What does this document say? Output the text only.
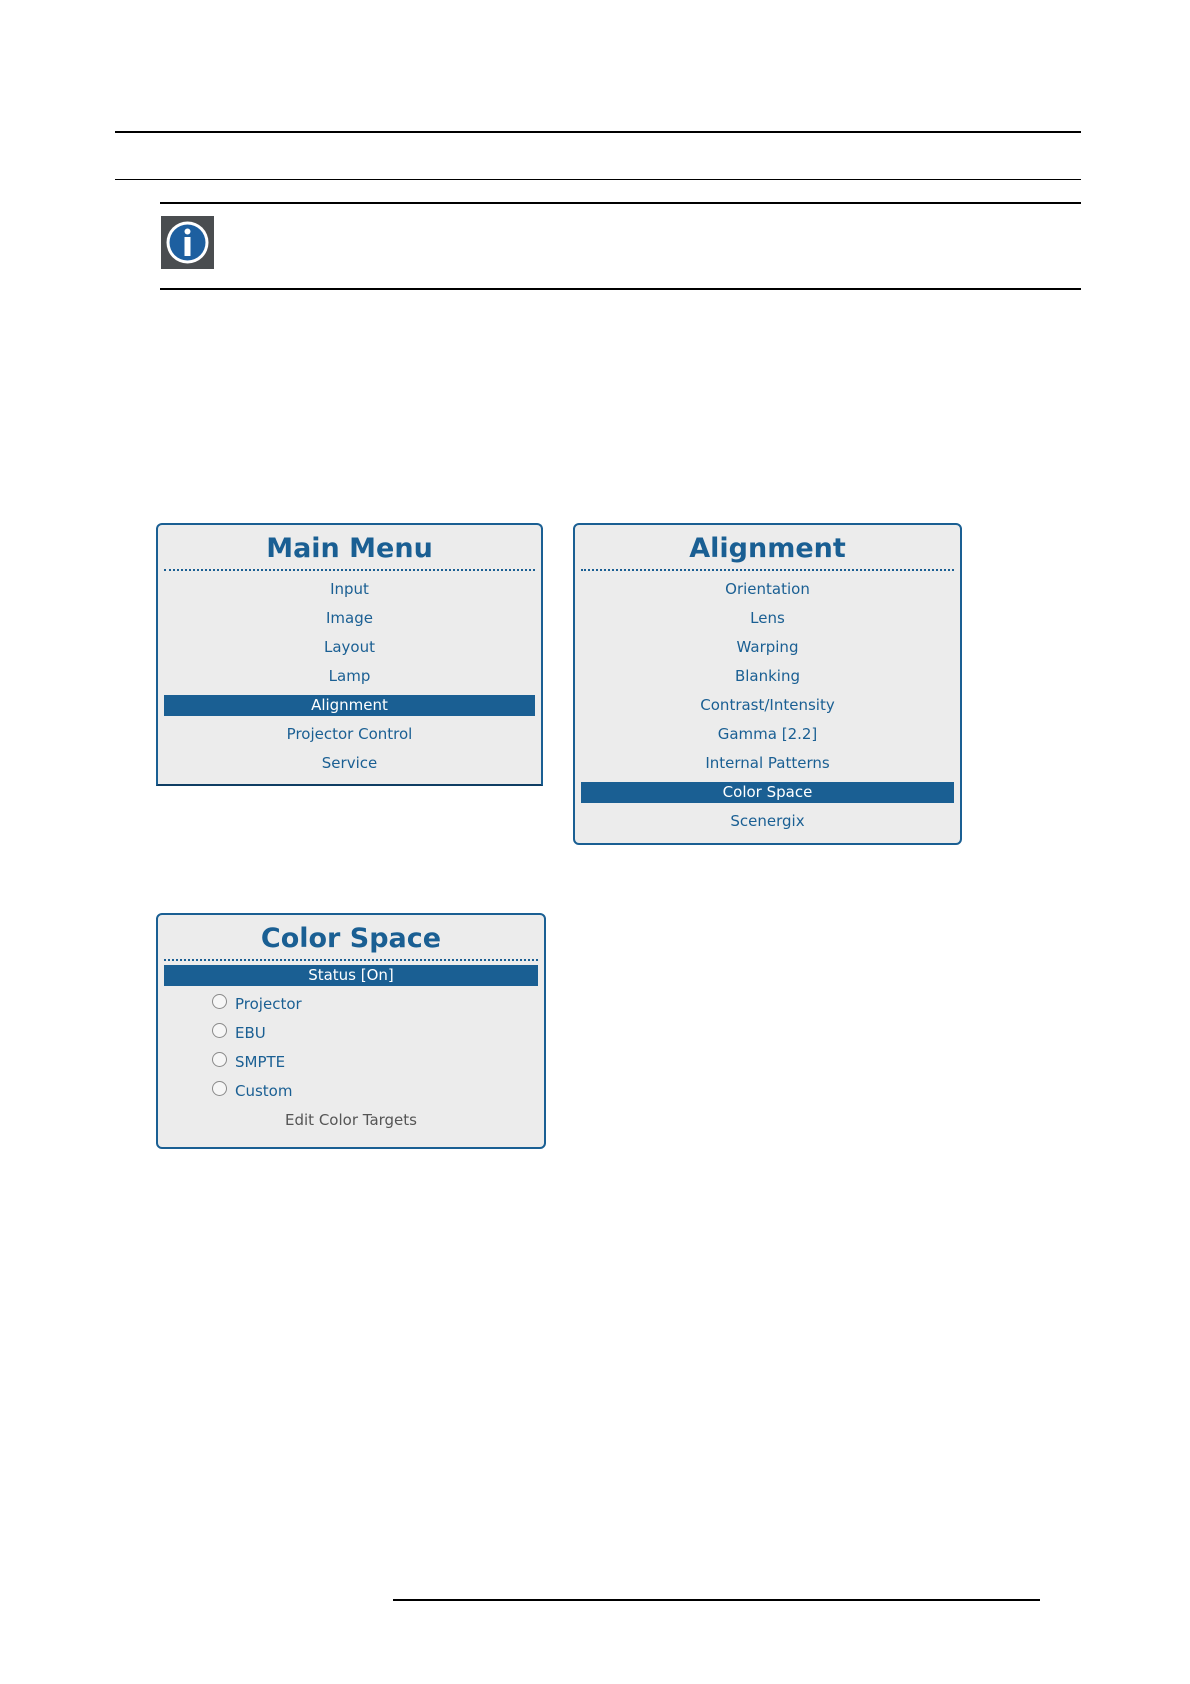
Main Menu
Input
Image
Layout
Lamp
Alignment
Projector Control
Service
Alignment
Orientation
Lens
Warping
Blanking
Contrast/Intensity
Gamma [2.2]
Internal Patterns
Color Space
Scenergix
Color Space
Status [On]
Projector
EBU
SMPTE
Custom
Edit Color Targets
